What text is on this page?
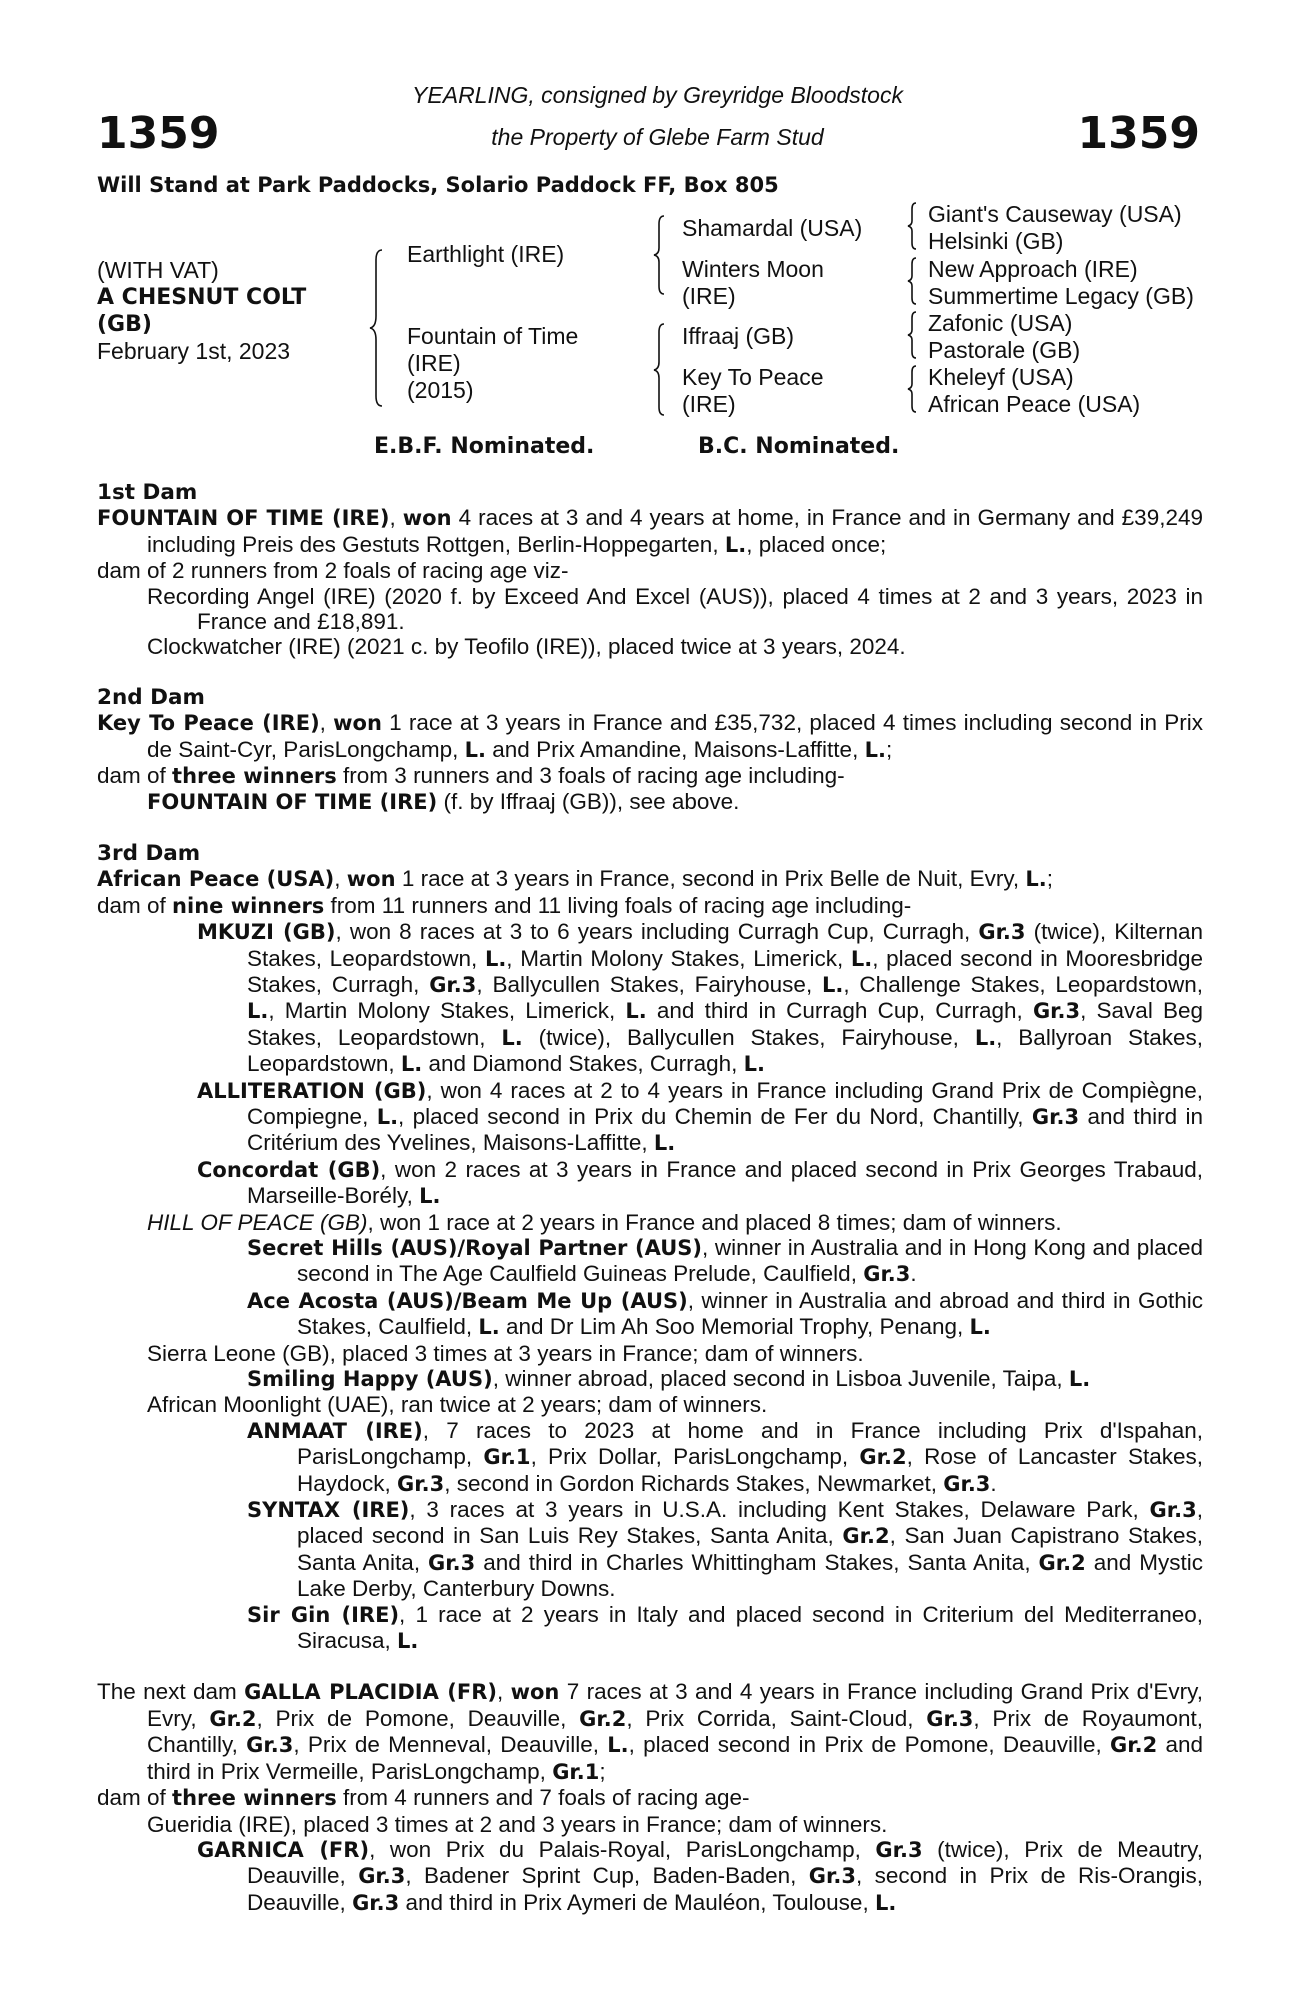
1359	1359
YEARLING, consigned by Greyridge Bloodstock
the Property of Glebe Farm Stud
Will Stand at Park Paddocks, Solario Paddock FF, Box 805
(WITH VAT)
A CHESNUT COLT
(GB)
February 1st, 2023
Earthlight (IRE)
Fountain of Time
(IRE)
(2015)
Shamardal (USA)
Winters Moon
(IRE)
Iffraaj (GB)
Key To Peace
(IRE)
Giant's Causeway (USA)
Helsinki (GB)
New Approach (IRE)
Summertime Legacy (GB)
Zafonic (USA)
Pastorale (GB)
Kheleyf (USA)
African Peace (USA)
E.B.F. Nominated.	B.C. Nominated.
1st Dam
FOUNTAIN OF TIME (IRE), won 4 races at 3 and 4 years at home, in France and in Germany and £39,249 including Preis des Gestuts Rottgen, Berlin-Hoppegarten, L., placed once;
dam of 2 runners from 2 foals of racing age viz-
Recording Angel (IRE) (2020 f. by Exceed And Excel (AUS)), placed 4 times at 2 and 3 years, 2023 in France and £18,891.
Clockwatcher (IRE) (2021 c. by Teofilo (IRE)), placed twice at 3 years, 2024.
2nd Dam
Key To Peace (IRE), won 1 race at 3 years in France and £35,732, placed 4 times including second in Prix de Saint-Cyr, ParisLongchamp, L. and Prix Amandine, Maisons-Laffitte, L.;
dam of three winners from 3 runners and 3 foals of racing age including-
FOUNTAIN OF TIME (IRE) (f. by Iffraaj (GB)), see above.
3rd Dam
African Peace (USA), won 1 race at 3 years in France, second in Prix Belle de Nuit, Evry, L.;
dam of nine winners from 11 runners and 11 living foals of racing age including-
MKUZI (GB), won 8 races at 3 to 6 years including Curragh Cup, Curragh, Gr.3 (twice), Kilternan Stakes, Leopardstown, L., Martin Molony Stakes, Limerick, L., placed second in Mooresbridge Stakes, Curragh, Gr.3, Ballycullen Stakes, Fairyhouse, L., Challenge Stakes, Leopardstown, L., Martin Molony Stakes, Limerick, L. and third in Curragh Cup, Curragh, Gr.3, Saval Beg Stakes, Leopardstown, L. (twice), Ballycullen Stakes, Fairyhouse, L., Ballyroan Stakes, Leopardstown, L. and Diamond Stakes, Curragh, L.
ALLITERATION (GB), won 4 races at 2 to 4 years in France including Grand Prix de Compiègne, Compiegne, L., placed second in Prix du Chemin de Fer du Nord, Chantilly, Gr.3 and third in Critérium des Yvelines, Maisons-Laffitte, L.
Concordat (GB), won 2 races at 3 years in France and placed second in Prix Georges Trabaud, Marseille-Borély, L.
HILL OF PEACE (GB), won 1 race at 2 years in France and placed 8 times; dam of winners.
Secret Hills (AUS)/Royal Partner (AUS), winner in Australia and in Hong Kong and placed second in The Age Caulfield Guineas Prelude, Caulfield, Gr.3.
Ace Acosta (AUS)/Beam Me Up (AUS), winner in Australia and abroad and third in Gothic Stakes, Caulfield, L. and Dr Lim Ah Soo Memorial Trophy, Penang, L.
Sierra Leone (GB), placed 3 times at 3 years in France; dam of winners.
Smiling Happy (AUS), winner abroad, placed second in Lisboa Juvenile, Taipa, L.
African Moonlight (UAE), ran twice at 2 years; dam of winners.
ANMAAT (IRE), 7 races to 2023 at home and in France including Prix d'Ispahan, ParisLongchamp, Gr.1, Prix Dollar, ParisLongchamp, Gr.2, Rose of Lancaster Stakes, Haydock, Gr.3, second in Gordon Richards Stakes, Newmarket, Gr.3.
SYNTAX (IRE), 3 races at 3 years in U.S.A. including Kent Stakes, Delaware Park, Gr.3, placed second in San Luis Rey Stakes, Santa Anita, Gr.2, San Juan Capistrano Stakes, Santa Anita, Gr.3 and third in Charles Whittingham Stakes, Santa Anita, Gr.2 and Mystic Lake Derby, Canterbury Downs.
Sir Gin (IRE), 1 race at 2 years in Italy and placed second in Criterium del Mediterraneo, Siracusa, L.
The next dam GALLA PLACIDIA (FR), won 7 races at 3 and 4 years in France including Grand Prix d'Evry, Evry, Gr.2, Prix de Pomone, Deauville, Gr.2, Prix Corrida, Saint-Cloud, Gr.3, Prix de Royaumont, Chantilly, Gr.3, Prix de Menneval, Deauville, L., placed second in Prix de Pomone, Deauville, Gr.2 and third in Prix Vermeille, ParisLongchamp, Gr.1;
dam of three winners from 4 runners and 7 foals of racing age-
Gueridia (IRE), placed 3 times at 2 and 3 years in France; dam of winners.
GARNICA (FR), won Prix du Palais-Royal, ParisLongchamp, Gr.3 (twice), Prix de Meautry, Deauville, Gr.3, Badener Sprint Cup, Baden-Baden, Gr.3, second in Prix de Ris-Orangis, Deauville, Gr.3 and third in Prix Aymeri de Mauléon, Toulouse, L.
